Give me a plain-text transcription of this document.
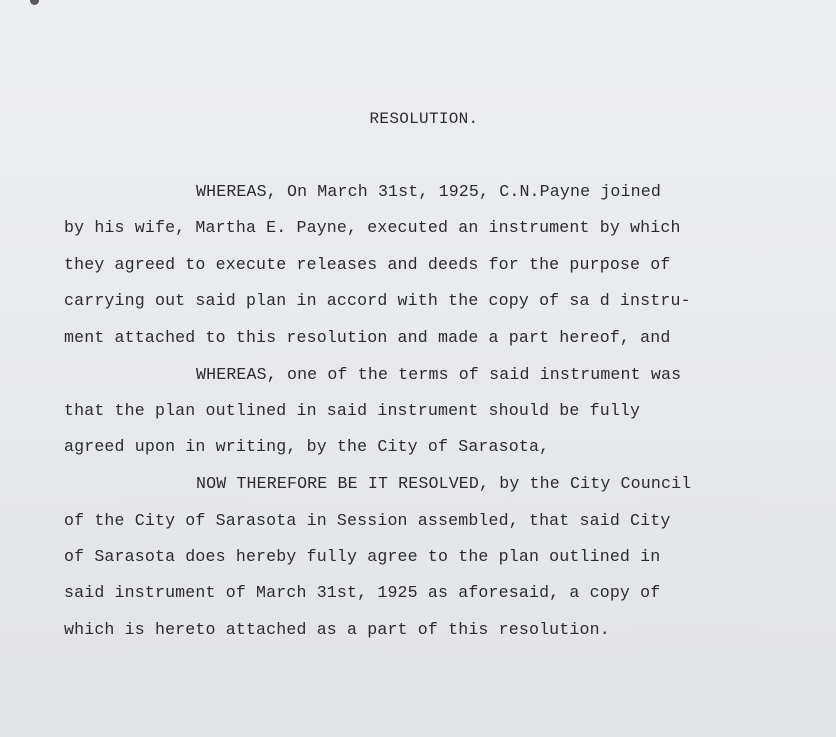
RESOLUTION.
WHEREAS, On March 31st, 1925, C.N.Payne joined
by his wife, Martha E. Payne, executed an instrument by which
they agreed to execute releases and deeds for the purpose of
carrying out said plan in accord with the copy of sa d instru-
ment attached to this resolution and made a part hereof, and
WHEREAS, one of the terms of said instrument was
that the plan outlined in said instrument should be fully
agreed upon in writing, by the City of Sarasota,
NOW THEREFORE BE IT RESOLVED, by the City Council
of the City of Sarasota in Session assembled, that said City
of Sarasota does hereby fully agree to the plan outlined in
said instrument of March 31st, 1925 as aforesaid, a copy of
which is hereto attached as a part of this resolution.
